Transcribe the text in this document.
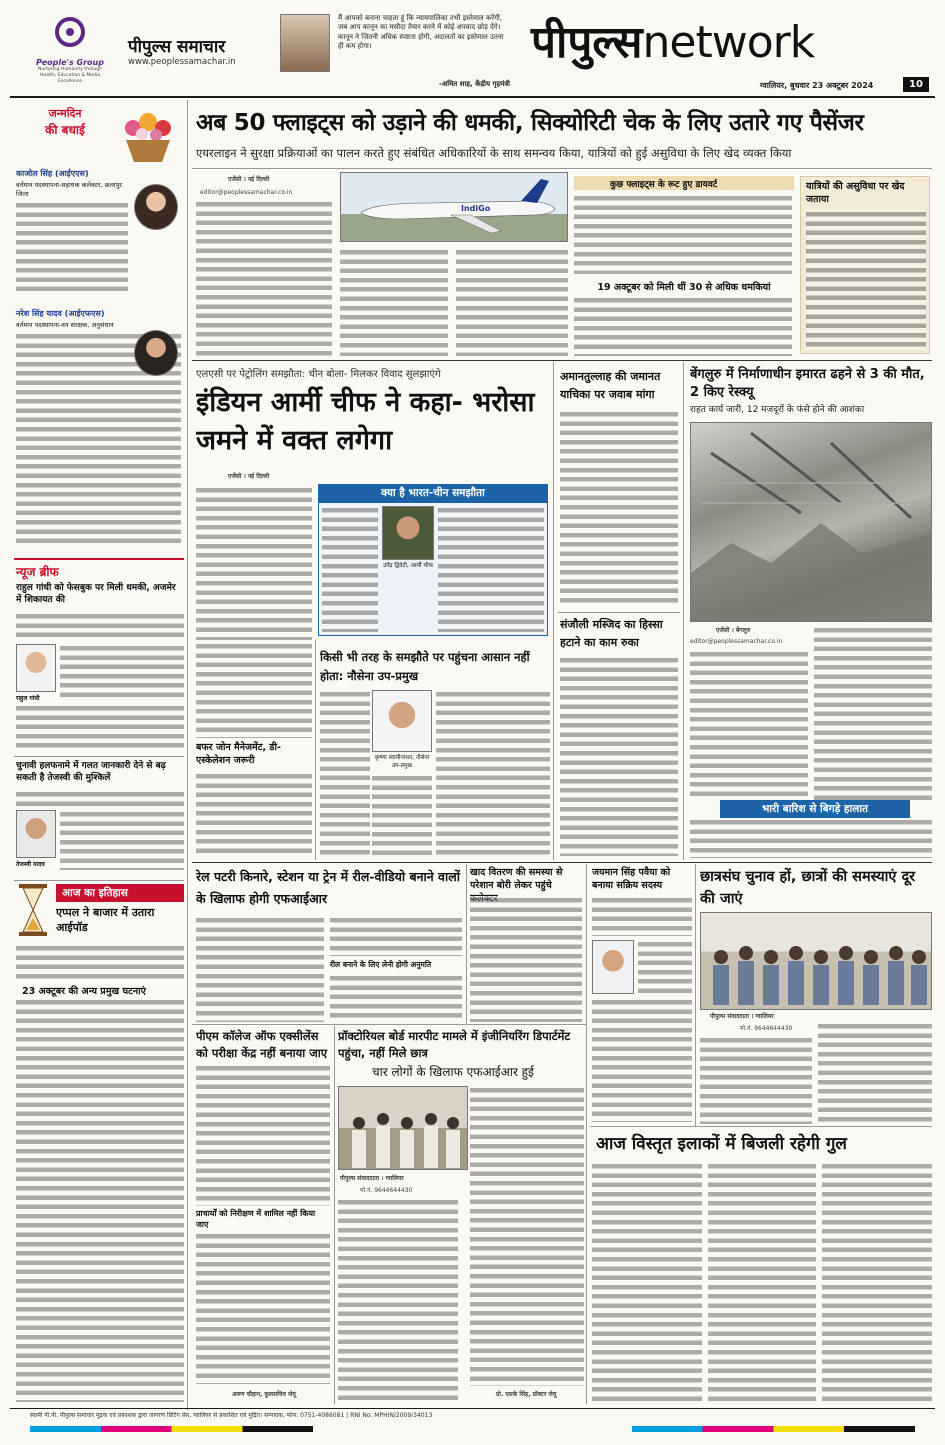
People's Group
Nurturing Humanity through Health, Education & Media Excellence
पीपुल्स समाचार
www.peoplessamachar.in
मैं आपको बताना चाहता हूं कि न्यायपालिका तभी इस्तेमाल करेंगी, जब आप कानून का मसौदा तैयार करने में कोई अपवाद छोड़ देंगे। कानून ने जितनी अधिक स्पष्टता होगी, अदालतों का इस्तेमाल उतना ही कम होगा।
-अमित शाह, केंद्रीय गृहमंत्री
पीपुल्सnetwork
ग्वालियर, बुधवार 23 अक्टूबर 2024	10
जन्मदिन
की बधाई
काजोल सिंह (आईएएस)
वर्तमान पदस्थापना-सहायक कलेक्टर, छतरपुर जिला
नरेश सिंह यादव (आईएफएस)
वर्तमान पदस्थापना-वन संरक्षक, अनुसंधान
न्यूज ब्रीफ
राहुल गांधी को फेसबुक पर मिली धमकी, अजमेर में शिकायत की
राहुल गांधी
चुनावी हलफनामे में गलत जानकारी देने से बढ़ सकती है तेजस्वी की मुश्किलें
तेजस्वी यादव
आज का इतिहास
एप्पल ने बाजार में उतारा आईपॉड
23 अक्टूबर की अन्य प्रमुख घटनाएं
अब 50 फ्लाइट्स को उड़ाने की धमकी, सिक्योरिटी चेक के लिए उतारे गए पैसेंजर
एयरलाइन ने सुरक्षा प्रक्रियाओं का पालन करते हुए संबंधित अधिकारियों के साथ समन्वय किया, यात्रियों को हुई असुविधा के लिए खेद व्यक्त किया
एजेंसी । नई दिल्ली
editor@peoplessamachar.co.in
IndiGo
कुछ फ्लाइट्स के रूट हुए डायवर्ट
19 अक्टूबर को मिली थीं 30 से अधिक धमकियां
यात्रियों की असुविधा पर खेद जताया
एलएसी पर पेट्रोलिंग समझौता: चीन बोला- मिलकर विवाद सुलझाएंगे
इंडियन आर्मी चीफ ने कहा- भरोसा जमने में वक्त लगेगा
एजेंसी । नई दिल्ली
क्या है भारत-चीन समझौता
उपेंद्र द्विवेदी, आर्मी चीफ
बफर जोन मैनेजमेंट, डी-एस्केलेशन जरूरी
किसी भी तरह के समझौते पर पहुंचना आसान नहीं होता: नौसेना उप-प्रमुख
कृष्णा स्वामीनाथन, नौसेना उप-प्रमुख
अमानतुल्लाह की जमानत याचिका पर जवाब मांगा
संजौली मस्जिद का हिस्सा हटाने का काम रुका
बेंगलुरु में निर्माणाधीन इमारत ढहने से 3 की मौत, 2 किए रेस्क्यू
राहत कार्य जारी, 12 मजदूरों के फंसे होने की आशंका
एजेंसी । बेंगलुरु
editor@peoplessamachar.co.in
भारी बारिश से बिगड़े हालात
रेल पटरी किनारे, स्टेशन या ट्रेन में रील-वीडियो बनाने वालों के खिलाफ होगी एफआईआर
रील बनाने के लिए लेनी होगी अनुमति
खाद वितरण की समस्या से परेशान बोरी लेकर पहुंचे
जयमान सिंह पवैया को बनाया सक्रिय सदस्य
छात्रसंघ चुनाव हों, छात्रों की समस्याएं दूर की जाएं
पीपुल्स संवाददाता । ग्वालियर
मो.नं. 9644644430
पीएम कॉलेज ऑफ एक्सीलेंस को परीक्षा केंद्र नहीं बनाया जाए
प्राचार्यों को निरीक्षण में शामिल नहीं किया जाए
अरुण चौहान, कुलसचिव जेयू
प्रॉक्टोरियल बोर्ड मारपीट मामले में इंजीनियरिंग डिपार्टमेंट पहुंचा, नहीं मिले छात्र
चार लोगों के खिलाफ एफआईआर हुई
पीपुल्स संवाददाता । ग्वालियर
मो.नं. 9644644430
प्रो. एसके सिंह, प्रॉक्टर जेयू
आज विस्तृत इलाकों में बिजली रहेगी गुल
स्वामी पी.पी. पीपुल्स समाचार मुद्रक एवं प्रकाशक द्वारा जागरण प्रिंटिंग प्रेस, ग्वालियर से प्रकाशित एवं मुद्रित। सम्पादक, फोन: 0751-4086081 | RNI No. MPHIN/2009/34013
